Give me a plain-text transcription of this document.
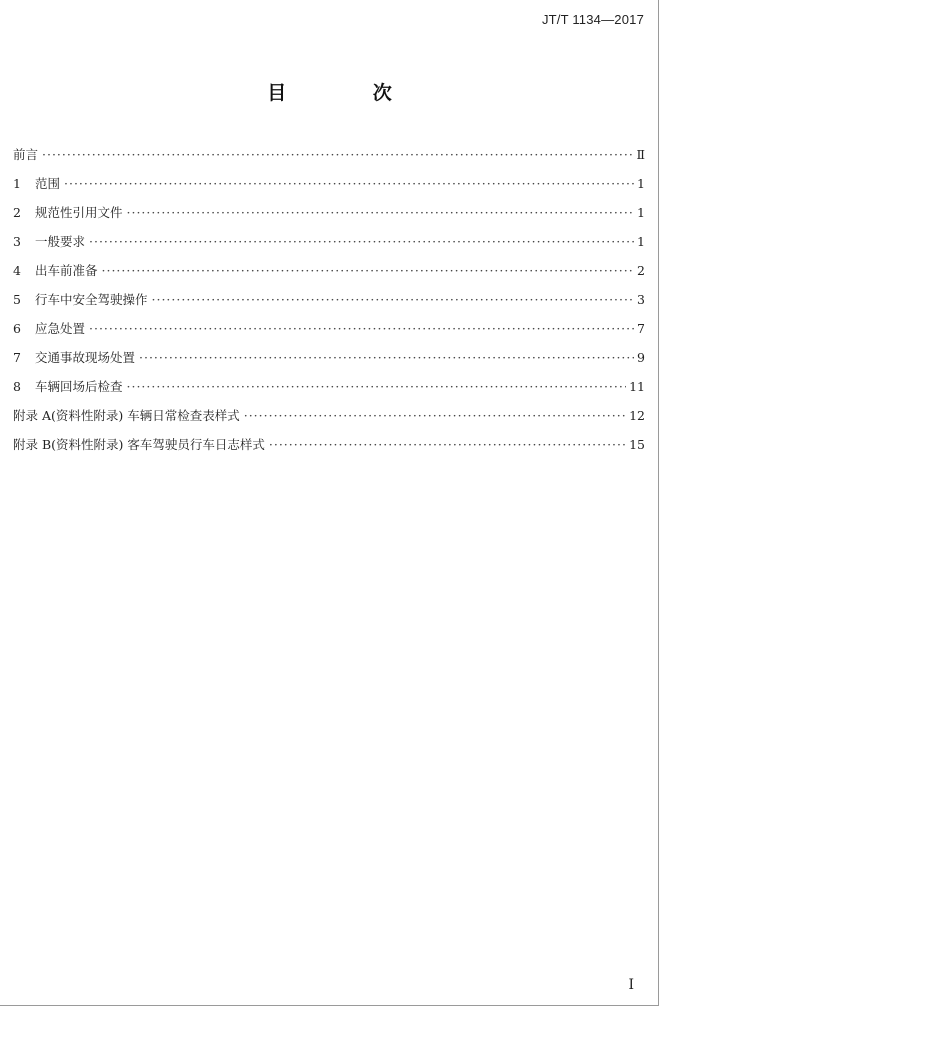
JT/T 1134—2017
目 次
前言 ·····	Ⅱ
1	范围 ·····	1
2	规范性引用文件 ·····	1
3	一般要求 ·····	1
4	出车前准备 ·····	2
5	行车中安全驾驶操作 ·····	3
6	应急处置 ·····	7
7	交通事故现场处置 ·····	9
8	车辆回场后检查 ·····	11
附录 A(资料性附录) 车辆日常检查表样式 ·····	12
附录 B(资料性附录) 客车驾驶员行车日志样式 ·····	15
I
